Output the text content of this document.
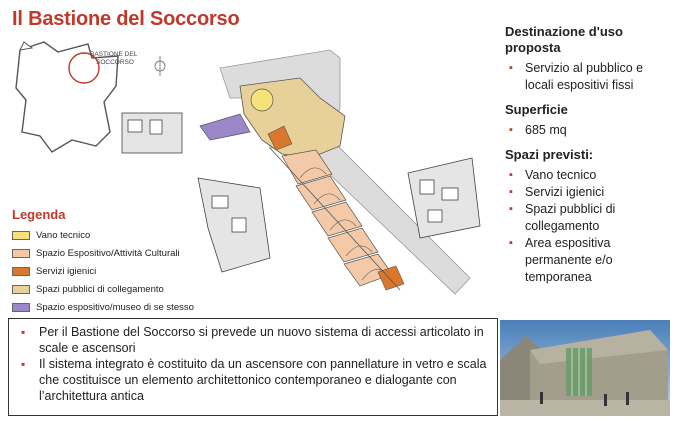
Il Bastione del Soccorso
BASTIONE DEL
SOCCORSO
Legenda
Vano tecnico
Spazio Espositivo/Attività Culturali
Servizi igienici
Spazi pubblici di collegamento
Spazio espositivo/museo di se stesso
Destinazione d'uso
proposta
▪ Servizio al pubblico e locali espositivi fissi
Superficie
▪ 685 mq
Spazi previsti:
▪ Vano tecnico
▪ Servizi igienici
▪ Spazi pubblici di collegamento
▪ Area espositiva permanente e/o temporanea
▪ Per il Bastione del Soccorso si prevede un nuovo sistema di accessi articolato in scale e ascensori
▪ Il sistema integrato è costituito da un ascensore con pannellature in vetro e scala che costituisce un elemento architettonico contemporaneo e dialogante con l’architettura antica
